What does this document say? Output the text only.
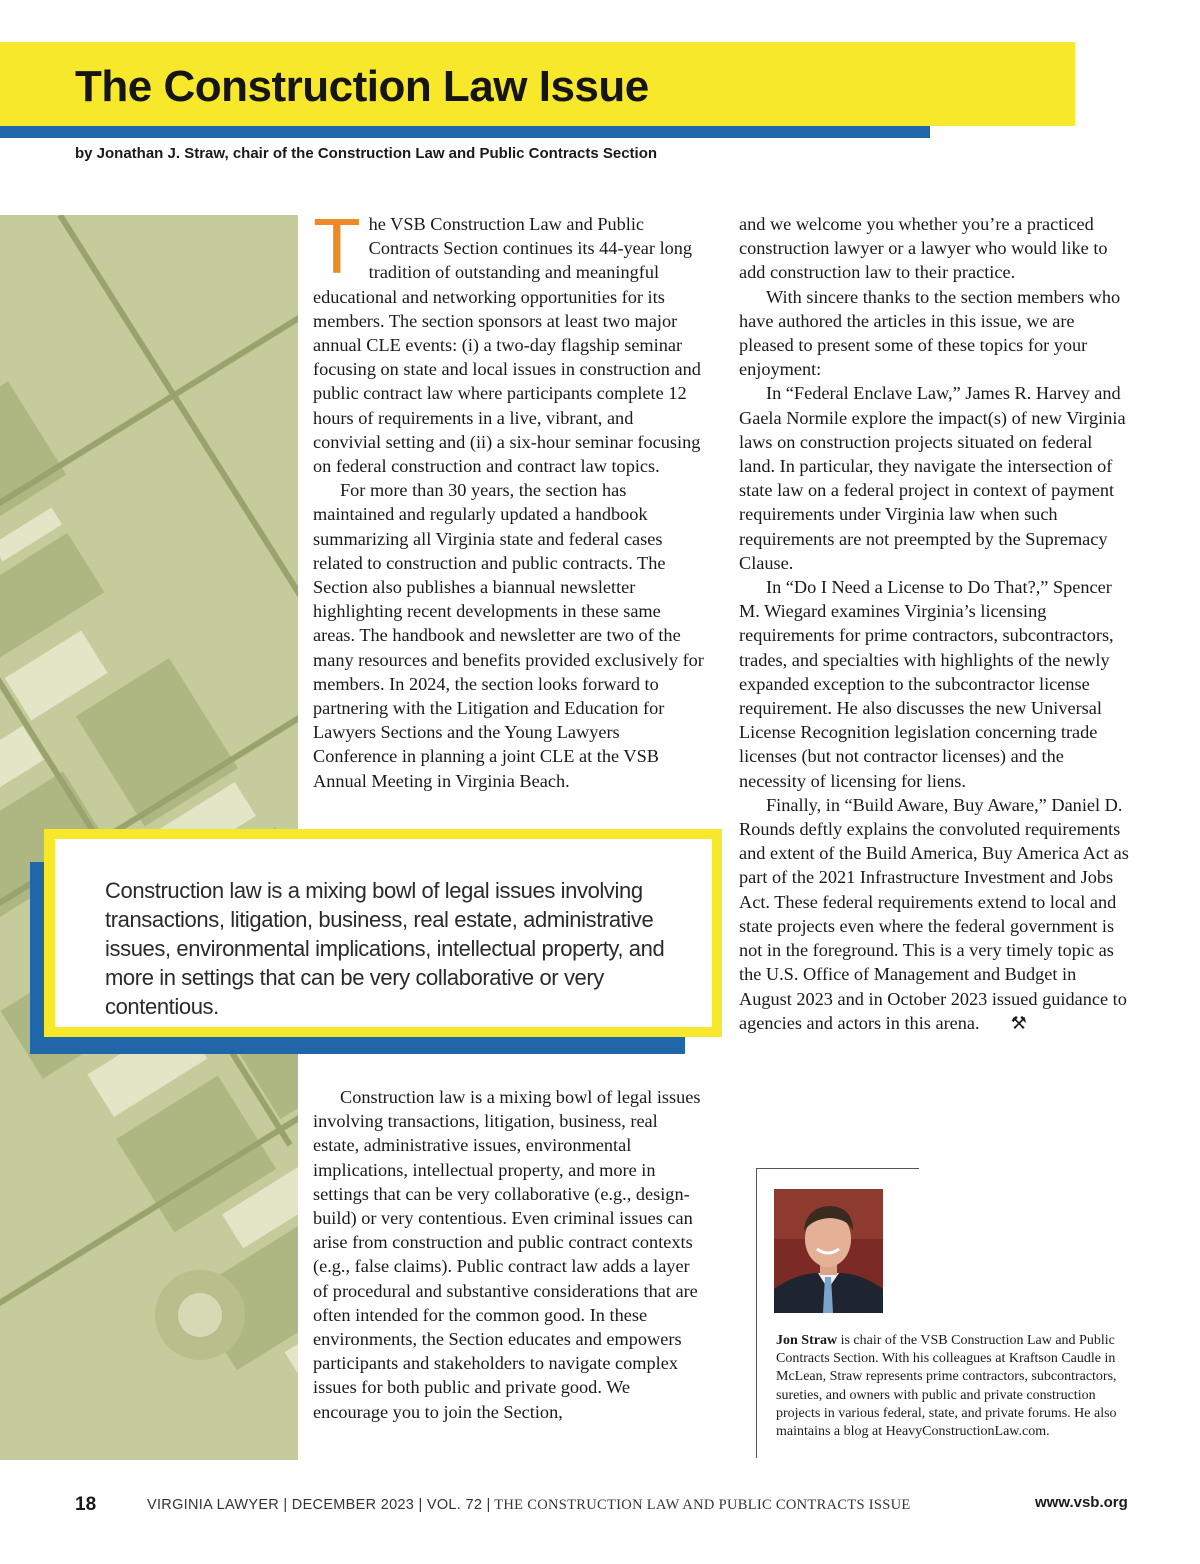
The Construction Law Issue
by Jonathan J. Straw, chair of the Construction Law and Public Contracts Section

The VSB Construction Law and Public Contracts Section continues its 44-year long tradition of outstanding and meaningful educational and networking opportunities for its members. The section sponsors at least two major annual CLE events: (i) a two-day flagship seminar focusing on state and local issues in construction and public contract law where participants complete 12 hours of requirements in a live, vibrant, and convivial setting and (ii) a six-hour seminar focusing on federal construction and contract law topics.

For more than 30 years, the section has maintained and regularly updated a handbook summarizing all Virginia state and federal cases related to construction and public contracts. The Section also publishes a biannual newsletter highlighting recent developments in these same areas. The handbook and newsletter are two of the many resources and benefits provided exclusively for members. In 2024, the section looks forward to partnering with the Litigation and Education for Lawyers Sections and the Young Lawyers Conference in planning a joint CLE at the VSB Annual Meeting in Virginia Beach.

Construction law is a mixing bowl of legal issues involving transactions, litigation, business, real estate, administrative issues, environmental implications, intellectual property, and more in settings that can be very collaborative or very contentious.

Construction law is a mixing bowl of legal issues involving transactions, litigation, business, real estate, administrative issues, environmental implications, intellectual property, and more in settings that can be very collaborative (e.g., design-build) or very contentious. Even criminal issues can arise from construction and public contract contexts (e.g., false claims). Public contract law adds a layer of procedural and substantive considerations that are often intended for the common good. In these environments, the Section educates and empowers participants and stakeholders to navigate complex issues for both public and private good. We encourage you to join the Section,

and we welcome you whether you’re a practiced construction lawyer or a lawyer who would like to add construction law to their practice.

With sincere thanks to the section members who have authored the articles in this issue, we are pleased to present some of these topics for your enjoyment:

In “Federal Enclave Law,” James R. Harvey and Gaela Normile explore the impact(s) of new Virginia laws on construction projects situated on federal land. In particular, they navigate the intersection of state law on a federal project in context of payment requirements under Virginia law when such requirements are not preempted by the Supremacy Clause.

In “Do I Need a License to Do That?,” Spencer M. Wiegard examines Virginia’s licensing requirements for prime contractors, subcontractors, trades, and specialties with highlights of the newly expanded exception to the subcontractor license requirement. He also discusses the new Universal License Recognition legislation concerning trade licenses (but not contractor licenses) and the necessity of licensing for liens.

Finally, in “Build Aware, Buy Aware,” Daniel D. Rounds deftly explains the convoluted requirements and extent of the Build America, Buy America Act as part of the 2021 Infrastructure Investment and Jobs Act. These federal requirements extend to local and state projects even where the federal government is not in the foreground. This is a very timely topic as the U.S. Office of Management and Budget in August 2023 and in October 2023 issued guidance to agencies and actors in this arena. ⚒

Jon Straw is chair of the VSB Construction Law and Public Contracts Section. With his colleagues at Kraftson Caudle in McLean, Straw represents prime contractors, subcontractors, sureties, and owners with public and private construction projects in various federal, state, and private forums. He also maintains a blog at HeavyConstructionLaw.com.

18	VIRGINIA LAWYER | DECEMBER 2023 | VOL. 72 | THE CONSTRUCTION LAW AND PUBLIC CONTRACTS ISSUE	www.vsb.org
